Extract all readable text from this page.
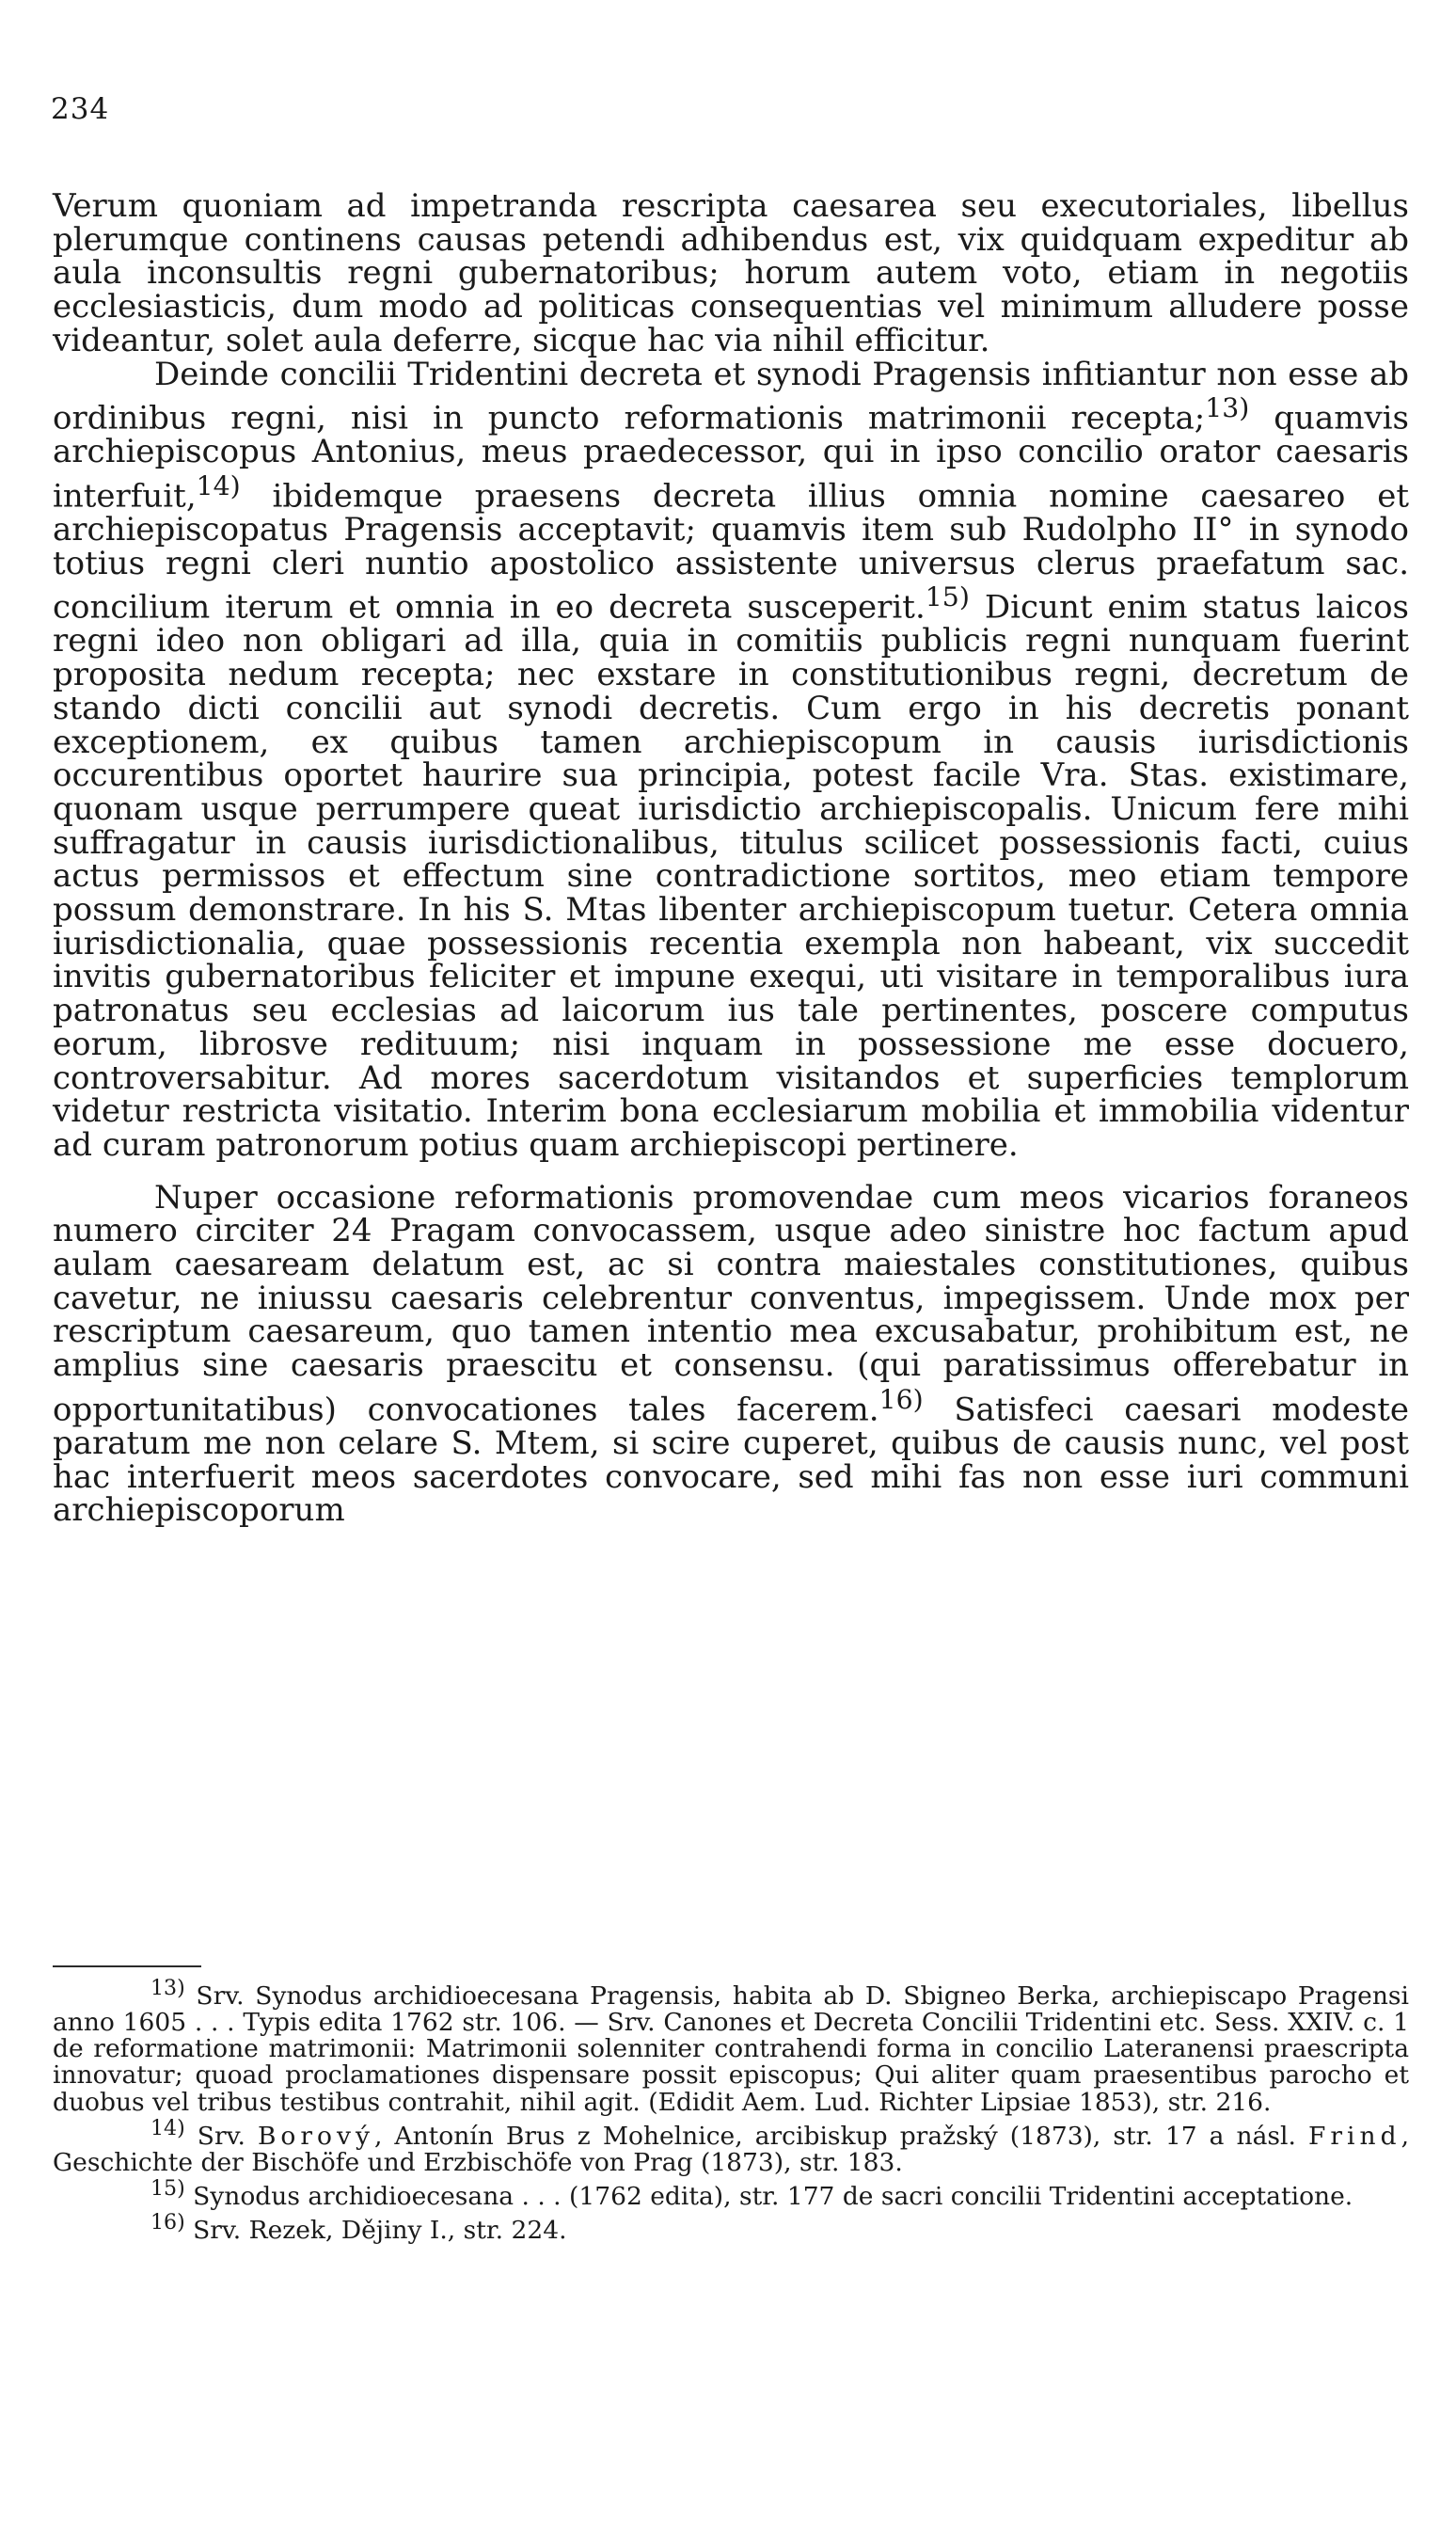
234

Verum quoniam ad impetranda rescripta caesarea seu executoriales, libellus plerumque continens causas petendi adhibendus est, vix quidquam expeditur ab aula inconsultis regni gubernatoribus; horum autem voto, etiam in negotiis ecclesiasticis, dum modo ad politicas consequentias vel minimum alludere posse videantur, solet aula deferre, sicque hac via nihil efficitur.

Deinde concilii Tridentini decreta et synodi Pragensis infitiantur non esse ab ordinibus regni, nisi in puncto reformationis matrimonii recepta;$^{13)}$ quamvis archiepiscopus Antonius, meus praedecessor, qui in ipso concilio orator caesaris interfuit,$^{14)}$ ibidemque praesens decreta illius omnia nomine caesareo et archiepiscopatus Pragensis acceptavit; quamvis item sub Rudolpho II° in synodo totius regni cleri nuntio apostolico assistente universus clerus praefatum sac. concilium iterum et omnia in eo decreta susceperit.$^{15)}$ Dicunt enim status laicos regni ideo non obligari ad illa, quia in comitiis publicis regni nunquam fuerint proposita nedum recepta; nec exstare in constitutionibus regni, decretum de stando dicti concilii aut synodi decretis. Cum ergo in his decretis ponant exceptionem, ex quibus tamen archiepiscopum in causis iurisdictionis occurentibus oportet haurire sua principia, potest facile Vra. Stas. existimare, quonam usque perrumpere queat iurisdictio archiepiscopalis. Unicum fere mihi suffragatur in causis iurisdictionalibus, titulus scilicet possessionis facti, cuius actus permissos et effectum sine contradictione sortitos, meo etiam tempore possum demonstrare. In his S. Mtas libenter archiepiscopum tuetur. Cetera omnia iurisdictionalia, quae possessionis recentia exempla non habeant, vix succedit invitis gubernatoribus feliciter et impune exequi, uti visitare in temporalibus iura patronatus seu ecclesias ad laicorum ius tale pertinentes, poscere computus eorum, librosve redituum; nisi inquam in possessione me esse docuero, controversabitur. Ad mores sacerdotum visitandos et superficies templorum videtur restricta visitatio. Interim bona ecclesiarum mobilia et immobilia videntur ad curam patronorum potius quam archiepiscopi pertinere.

Nuper occasione reformationis promovendae cum meos vicarios foraneos numero circiter 24 Pragam convocassem, usque adeo sinistre hoc factum apud aulam caesaream delatum est, ac si contra maiestales constitutiones, quibus cavetur, ne iniussu caesaris celebrentur conventus, impegissem. Unde mox per rescriptum caesareum, quo tamen intentio mea excusabatur, prohibitum est, ne amplius sine caesaris praescitu et consensu. (qui paratissimus offerebatur in opportunitatibus) convocationes tales facerem.$^{16)}$ Satisfeci caesari modeste paratum me non celare S. Mtem, si scire cuperet, quibus de causis nunc, vel post hac interfuerit meos sacerdotes convocare, sed mihi fas non esse iuri communi archiepiscoporum

$^{13)}$ Srv. Synodus archidioecesana Pragensis, habita ab D. Sbigneo Berka, archiepiscapo Pragensi anno 1605 . . . Typis edita 1762 str. 106. — Srv. Canones et Decreta Concilii Tridentini etc. Sess. XXIV. c. 1 de reformatione matrimonii: Matrimonii solenniter contrahendi forma in concilio Lateranensi praescripta innovatur; quoad proclamationes dispensare possit episcopus; Qui aliter quam praesentibus parocho et duobus vel tribus testibus contrahit, nihil agit. (Edidit Aem. Lud. Richter Lipsiae 1853), str. 216.

$^{14)}$ Srv. Borový, Antonín Brus z Mohelnice, arcibiskup pražský (1873), str. 17 a násl. Frind, Geschichte der Bischöfe und Erzbischöfe von Prag (1873), str. 183.

$^{15)}$ Synodus archidioecesana . . . (1762 edita), str. 177 de sacri concilii Tridentini acceptatione.

$^{16)}$ Srv. Rezek, Dějiny I., str. 224.
